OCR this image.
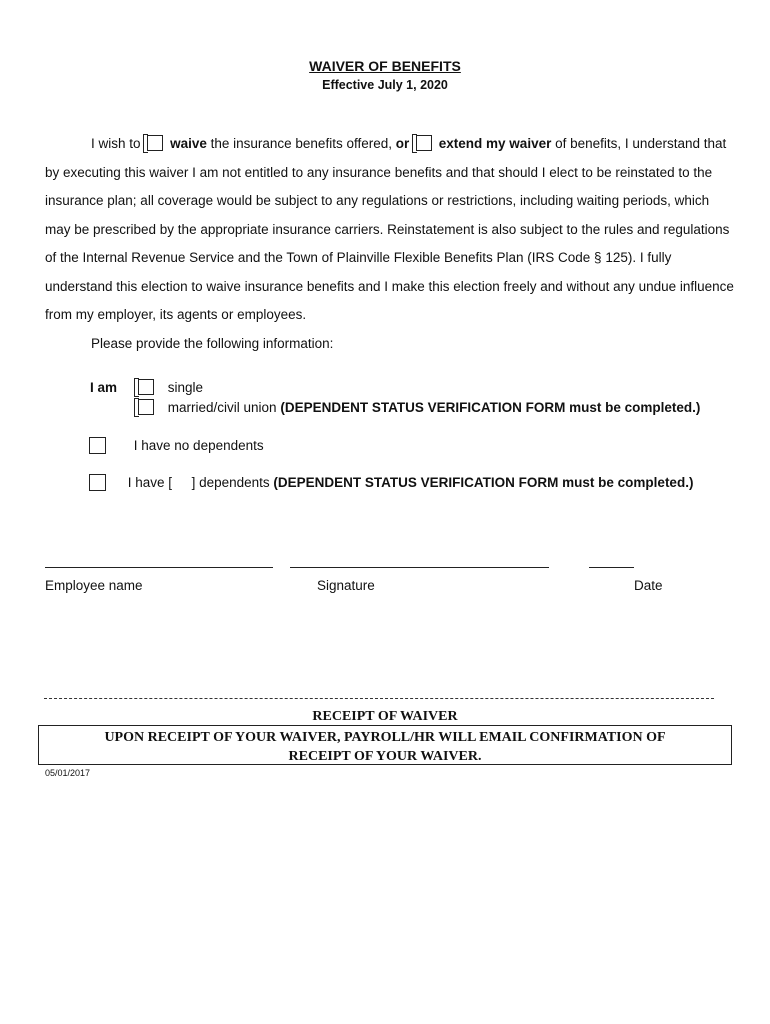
WAIVER OF BENEFITS
Effective July 1, 2020
I wish to waive the insurance benefits offered, or extend my waiver of benefits, I understand that by executing this waiver I am not entitled to any insurance benefits and that should I elect to be reinstated to the insurance plan; all coverage would be subject to any regulations or restrictions, including waiting periods, which may be prescribed by the appropriate insurance carriers. Reinstatement is also subject to the rules and regulations of the Internal Revenue Service and the Town of Plainville Flexible Benefits Plan (IRS Code § 125). I fully understand this election to waive insurance benefits and I make this election freely and without any undue influence from my employer, its agents or employees.
Please provide the following information:
I am	single
married/civil union (DEPENDENT STATUS VERIFICATION FORM must be completed.)
I have no dependents
I have [ ] dependents (DEPENDENT STATUS VERIFICATION FORM must be completed.)
Employee name	Signature	Date
RECEIPT OF WAIVER
UPON RECEIPT OF YOUR WAIVER, PAYROLL/HR WILL EMAIL CONFIRMATION OF
RECEIPT OF YOUR WAIVER.
05/01/2017
